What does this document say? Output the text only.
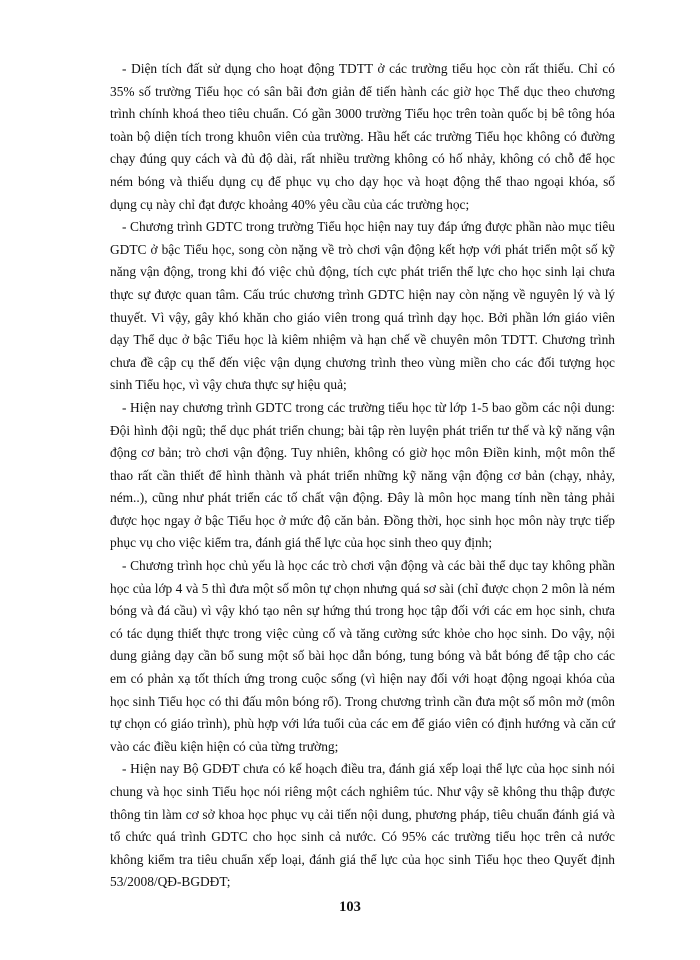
- Diện tích đất sử dụng cho hoạt động TDTT ở các trường tiểu học còn rất thiếu. Chỉ có 35% số trường Tiểu học có sân bãi đơn giản để tiến hành các giờ học Thể dục theo chương trình chính khoá theo tiêu chuẩn. Có gần 3000 trường Tiểu học trên toàn quốc bị bê tông hóa toàn bộ diện tích trong khuôn viên của trường. Hầu hết các trường Tiểu học không có đường chạy đúng quy cách và đủ độ dài, rất nhiều trường không có hố nhảy, không có chỗ để học ném bóng và thiếu dụng cụ để phục vụ cho dạy học và hoạt động thể thao ngoại khóa, số dụng cụ này chỉ đạt được khoảng 40% yêu cầu của các trường học;

- Chương trình GDTC trong trường Tiểu học hiện nay tuy đáp ứng được phần nào mục tiêu GDTC ở bậc Tiểu học, song còn nặng về trò chơi vận động kết hợp với phát triển một số kỹ năng vận động, trong khi đó việc chủ động, tích cực phát triển thể lực cho học sinh lại chưa thực sự được quan tâm. Cấu trúc chương trình GDTC hiện nay còn nặng về nguyên lý và lý thuyết. Vì vậy, gây khó khăn cho giáo viên trong quá trình dạy học. Bởi phần lớn giáo viên dạy Thể dục ở bậc Tiểu học là kiêm nhiệm và hạn chế về chuyên môn TDTT. Chương trình chưa đề cập cụ thể đến việc vận dụng chương trình theo vùng miền cho các đối tượng học sinh Tiểu học, vì vậy chưa thực sự hiệu quả;

- Hiện nay chương trình GDTC trong các trường tiểu học từ lớp 1-5 bao gồm các nội dung: Đội hình đội ngũ; thể dục phát triển chung; bài tập rèn luyện phát triển tư thế và kỹ năng vận động cơ bản; trò chơi vận động. Tuy nhiên, không có giờ học môn Điền kinh, một môn thể thao rất cần thiết để hình thành và phát triển những kỹ năng vận động cơ bản (chạy, nhảy, ném..), cũng như phát triển các tố chất vận động. Đây là môn học mang tính nền tảng phải được học ngay ở bậc Tiểu học ở mức độ căn bản. Đồng thời, học sinh học môn này trực tiếp phục vụ cho việc kiểm tra, đánh giá thể lực của học sinh theo quy định;

- Chương trình học chủ yếu là học các trò chơi vận động và các bài thể dục tay không phần học của lớp 4 và 5 thì đưa một số môn tự chọn nhưng quá sơ sài (chỉ được chọn 2 môn là ném bóng và đá cầu) vì vậy khó tạo nên sự hứng thú trong học tập đối với các em học sinh, chưa có tác dụng thiết thực trong việc củng cố và tăng cường sức khỏe cho học sinh. Do vậy, nội dung giảng dạy cần bổ sung một số bài học dẫn bóng, tung bóng và bắt bóng để tập cho các em có phản xạ tốt thích ứng trong cuộc sống (vì hiện nay đối với hoạt động ngoại khóa của học sinh Tiểu học có thi đấu môn bóng rổ). Trong chương trình cần đưa một số môn mở (môn tự chọn có giáo trình), phù hợp với lứa tuổi của các em để giáo viên có định hướng và căn cứ vào các điều kiện hiện có của từng trường;

- Hiện nay Bộ GDĐT chưa có kế hoạch điều tra, đánh giá xếp loại thể lực của học sinh nói chung và học sinh Tiểu học nói riêng một cách nghiêm túc. Như vậy sẽ không thu thập được thông tin làm cơ sở khoa học phục vụ cải tiến nội dung, phương pháp, tiêu chuẩn đánh giá và tổ chức quá trình GDTC cho học sinh cả nước. Có 95% các trường tiểu học trên cả nước không kiểm tra tiêu chuẩn xếp loại, đánh giá thể lực của học sinh Tiểu học theo Quyết định 53/2008/QĐ-BGDĐT;

103
